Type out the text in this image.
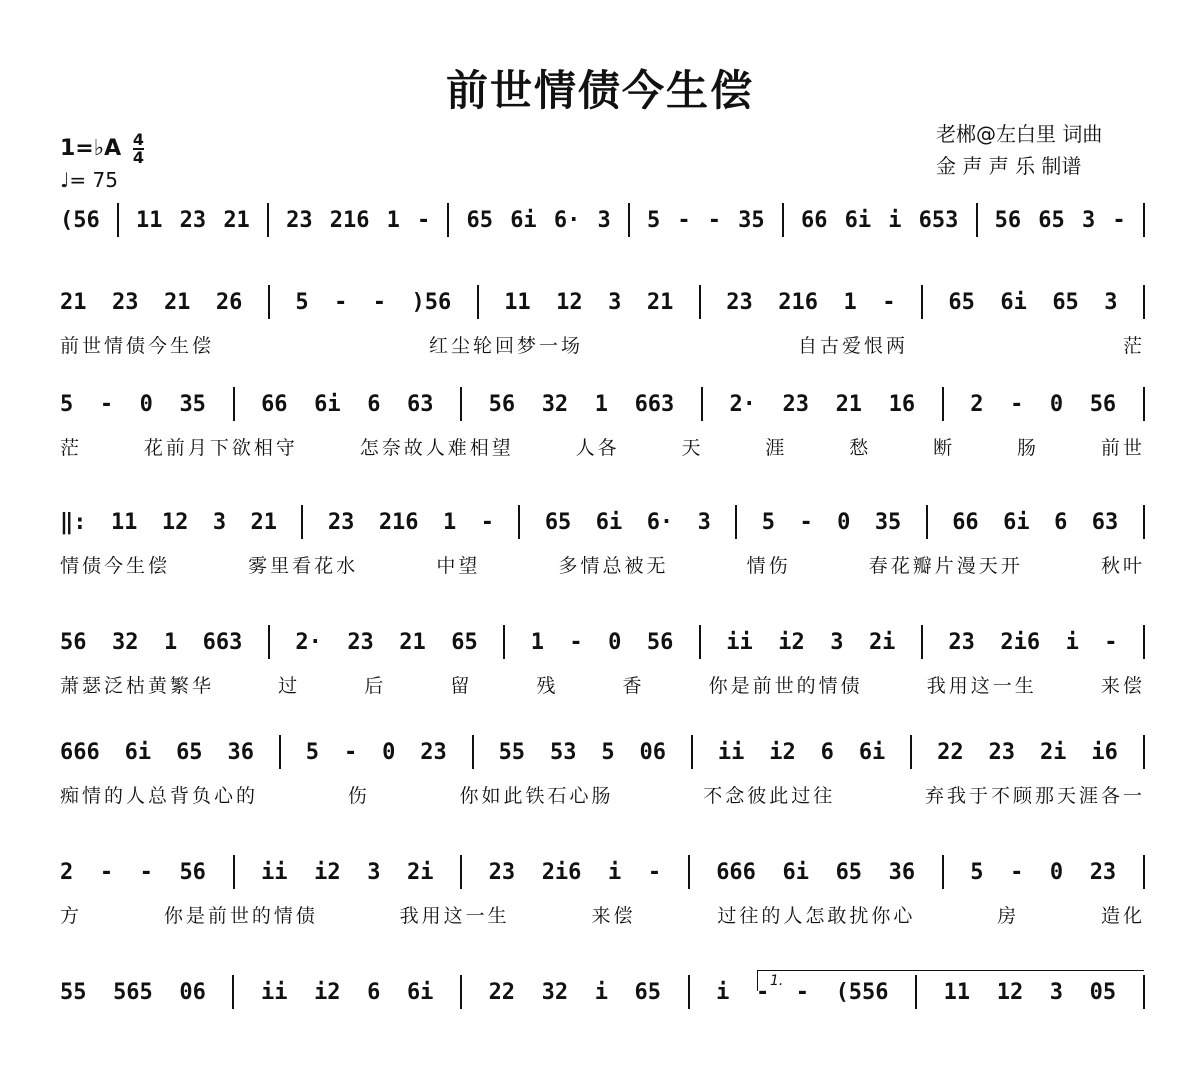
前世情债今生偿
老郴@左白里 词曲
金 声 声 乐 制谱
1=♭A $\frac{4}{4}$
♩= 75
(56 11 23 21 23 216 1 - 65 6i 6· 3 5 - - 35 66 6i i 653 56 65 3 -
21 23 21 26 5 - - )56 11 12 3 21 23 216 1 - 65 6i 65 3
前世情债今生偿	红尘轮回梦一场	自古爱恨两	茫
5 - 0 35	66 6i 6 63	56 32 1 663	2· 23 21 16	2 - 0 56
茫	花前月下欲相守	怎奈故人难相望	人各	天	涯	愁	断	肠	前世
‖: 11 12 3 21 23 216 1 - 65 6i 6· 3 5 - 0 35 66 6i 6 63
情债今生偿	雾里看花水	中望	多情总被无	情伤	春花瓣片漫天开	秋叶
56 32 1 663 2· 23 21 65 1 - 0 56 ii i2 3 2i 23 2i6 i -
萧瑟泛枯黄繁华	过	后	留	残	香	你是前世的情债	我用这一生	来偿
666 6i 65 36 5 - 0 23 55 53 5 06 ii i2 6 6i 22 23 2i i6
痴情的人总背负心的	伤	你如此铁石心肠	不念彼此过往	弃我于不顾那天涯各一
2 - - 56	ii i2 3 2i	23 2i6 i -	666 6i 65 36	5 - 0 23
方	你是前世的情债	我用这一生	来偿	过往的人怎敢扰你心	房	造化
55 565 06	ii i2 6 6i	22 32 i 65	i - - (556	11 12 3 05
1.
